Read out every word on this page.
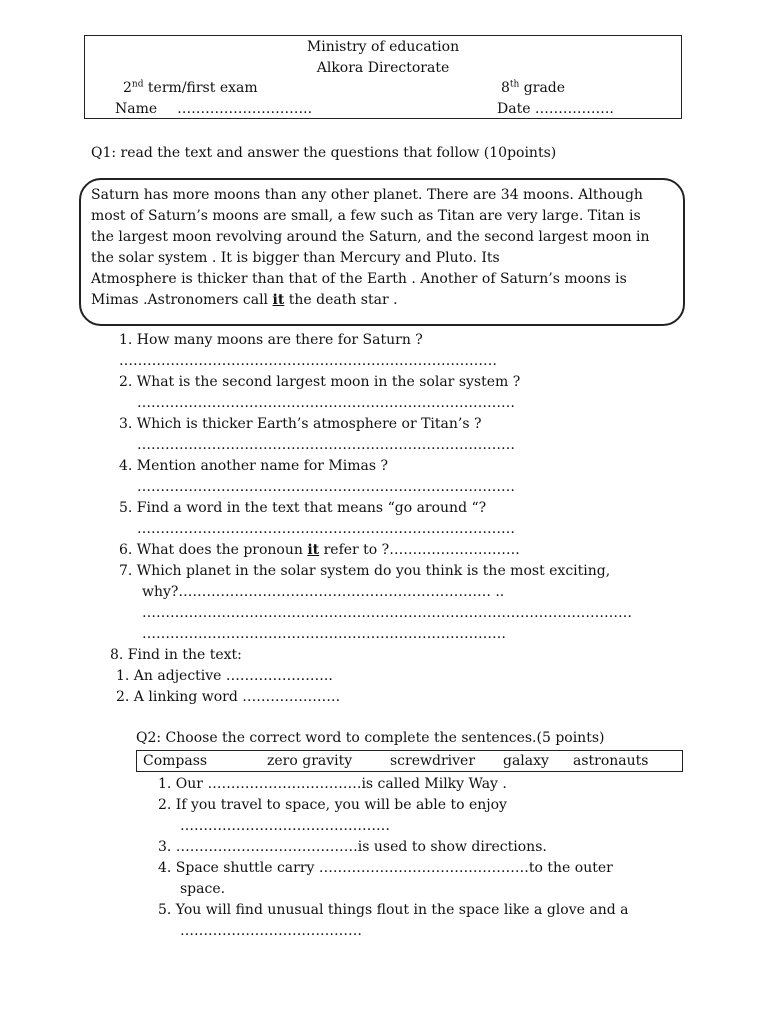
Ministry of education
Alkora Directorate
2nd term/first exam	8th grade
Name ………………………..	Date ……………..
Q1: read the text and answer the questions that follow (10points)
Saturn has more moons than any other planet. There are 34 moons. Although
most of Saturn’s moons are small, a few such as Titan are very large. Titan is
the largest moon revolving around the Saturn, and the second largest moon in
the solar system . It is bigger than Mercury and Pluto. Its
Atmosphere is thicker than that of the Earth . Another of Saturn’s moons is
Mimas .Astronomers call it the death star .
1. How many moons are there for Saturn ?
………………………………………………………………………
2. What is the second largest moon in the solar system ?
………………………………………………………………………
3. Which is thicker Earth’s atmosphere or Titan’s ?
………………………………………………………………………
4. Mention another name for Mimas ?
………………………………………………………………………
5. Find a word in the text that means “go around “?
………………………………………………………………………
6. What does the pronoun it refer to ?……………………….
7. Which planet in the solar system do you think is the most exciting,
why?…………………………………………………………. ..
……………………………………………………………………………………………
……………………………………………………………………
8. Find in the text:
1. An adjective …………………..
2. A linking word …………………
Q2: Choose the correct word to complete the sentences.(5 points)
Compass	zero gravity	screwdriver galaxy astronauts
1. Our ……………………………is called Milky Way .
2. If you travel to space, you will be able to enjoy
………………………………………
3. …………………………………is used to show directions.
4. Space shuttle carry ………………………………………to the outer
space.
5. You will find unusual things flout in the space like a glove and a
…………………………………
